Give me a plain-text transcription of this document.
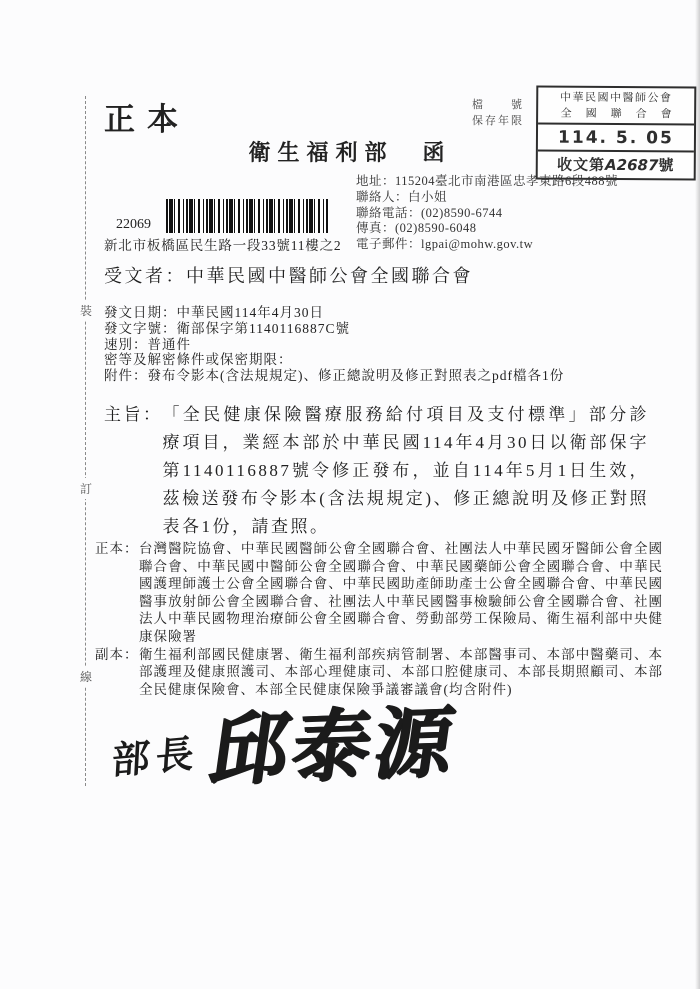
裝
訂
線
正本
衛生福利部　函
檔　　號
保存年限
中華民國中醫師公會
全國聯合會
114. 5. 05
收文第A2687號
地址：115204臺北市南港區忠孝東路6段488號
聯絡人：白小姐
聯絡電話：(02)8590-6744
傳真：(02)8590-6048
電子郵件：lgpai@mohw.gov.tw
22069
新北市板橋區民生路一段33號11樓之2
受文者：中華民國中醫師公會全國聯合會
發文日期：中華民國114年4月30日
發文字號：衛部保字第1140116887C號
速別：普通件
密等及解密條件或保密期限：
附件：發布令影本(含法規規定)、修正總說明及修正對照表之pdf檔各1份
主旨： 「全民健康保險醫療服務給付項目及支付標準」部分診療項目，業經本部於中華民國114年4月30日以衛部保字第1140116887號令修正發布，並自114年5月1日生效，茲檢送發布令影本(含法規規定)、修正總說明及修正對照表各1份，請查照。
正本： 台灣醫院協會、中華民國醫師公會全國聯合會、社團法人中華民國牙醫師公會全國聯合會、中華民國中醫師公會全國聯合會、中華民國藥師公會全國聯合會、中華民國護理師護士公會全國聯合會、中華民國助產師助產士公會全國聯合會、中華民國醫事放射師公會全國聯合會、社團法人中華民國醫事檢驗師公會全國聯合會、社團法人中華民國物理治療師公會全國聯合會、勞動部勞工保險局、衛生福利部中央健康保險署
副本： 衛生福利部國民健康署、衛生福利部疾病管制署、本部醫事司、本部中醫藥司、本部護理及健康照護司、本部心理健康司、本部口腔健康司、本部長期照顧司、本部全民健康保險會、本部全民健康保險爭議審議會(均含附件)
部長 邱泰源
